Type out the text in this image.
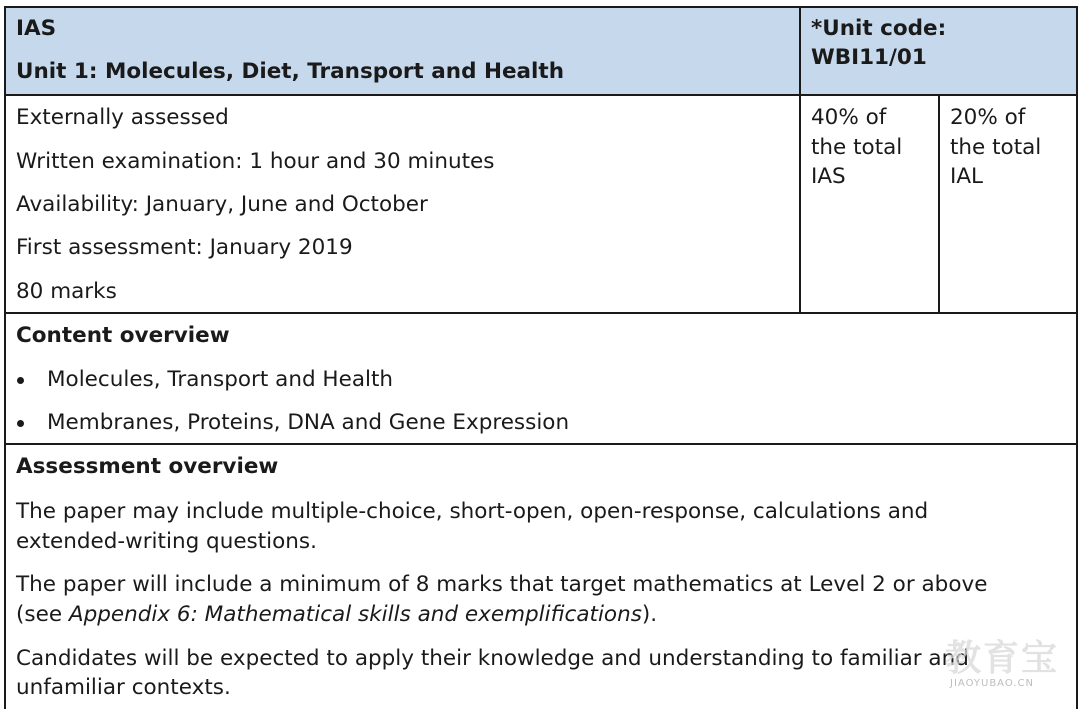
IAS
Unit 1: Molecules, Diet, Transport and Health
*Unit code:
WBI11/01
Externally assessed
Written examination: 1 hour and 30 minutes
Availability: January, June and October
First assessment: January 2019
80 marks
40% of
the total
IAS
20% of
the total
IAL
Content overview
Molecules, Transport and Health
Membranes, Proteins, DNA and Gene Expression
Assessment overview
The paper may include multiple-choice, short-open, open-response, calculations and
extended-writing questions.
The paper will include a minimum of 8 marks that target mathematics at Level 2 or above
(see Appendix 6: Mathematical skills and exemplifications).
Candidates will be expected to apply their knowledge and understanding to familiar and
unfamiliar contexts.
教育宝
JIAOYUBAO.CN
